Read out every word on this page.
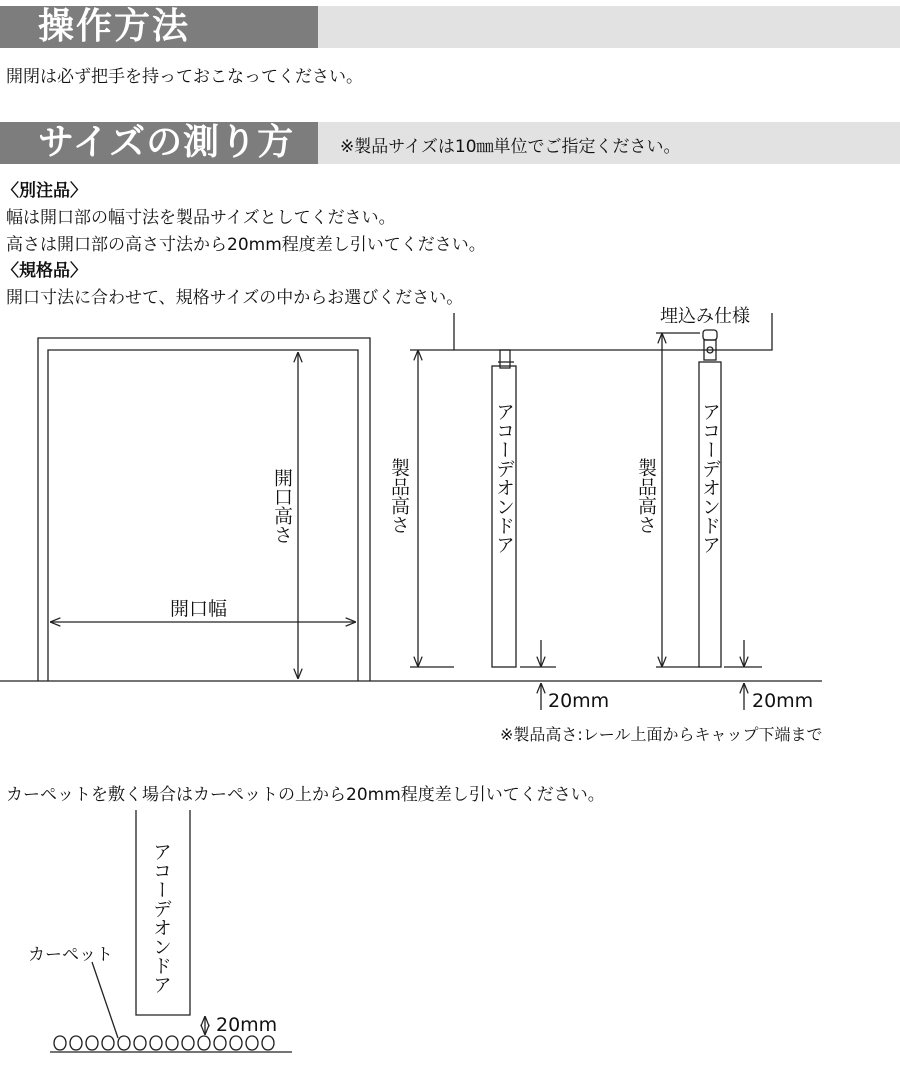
操作方法
開閉は必ず把手を持っておこなってください。
サイズの測り方	※製品サイズは10㎜単位でご指定ください。
〈別注品〉
幅は開口部の幅寸法を製品サイズとしてください。
高さは開口部の高さ寸法から20mm程度差し引いてください。
〈規格品〉
開口寸法に合わせて、規格サイズの中からお選びください。
開口高さ
開口幅
製品高さ	アコーデオンドア
埋込み仕様
製品高さ アコーデオンドア
20mm	20mm
※製品高さ:レール上面からキャップ下端まで
カーペットを敷く場合はカーペットの上から20mm程度差し引いてください。
アコーデオンドア
カーペット
20mm
